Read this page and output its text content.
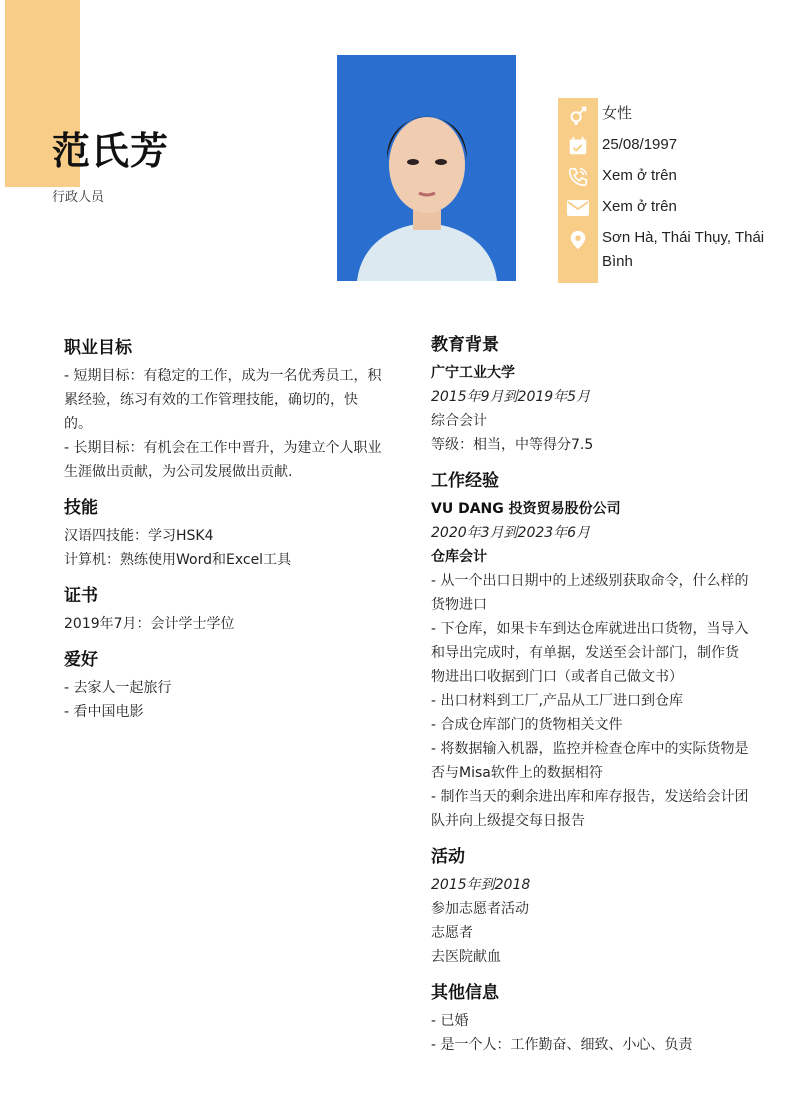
范氏芳
行政人员
女性
25/08/1997
Xem ở trên
Xem ở trên
Sơn Hà, Thái Thụy, Thái Bình
职业目标
- 短期目标：有稳定的工作，成为一名优秀员工，积累经验，练习有效的工作管理技能，确切的，快的。
- 长期目标：有机会在工作中晋升，为建立个人职业生涯做出贡献，为公司发展做出贡献.
技能
汉语四技能：学习HSK4
计算机：熟练使用Word和Excel工具
证书
2019年7月：会计学士学位
爱好
- 去家人一起旅行
- 看中国电影
教育背景
广宁工业大学
2015年9月到2019年5月
综合会计
等级：相当，中等得分7.5
工作经验
VU DANG 投资贸易股份公司
2020年3月到2023年6月
仓库会计
- 从一个出口日期中的上述级别获取命令，什么样的货物进口
- 下仓库，如果卡车到达仓库就进出口货物，当导入和导出完成时，有单据，发送至会计部门，制作货物进出口收据到门口（或者自己做文书）
- 出口材料到工厂,产品从工厂进口到仓库
- 合成仓库部门的货物相关文件
- 将数据输入机器，监控并检查仓库中的实际货物是否与Misa软件上的数据相符
- 制作当天的剩余进出库和库存报告，发送给会计团队并向上级提交每日报告
活动
2015年到2018
参加志愿者活动
志愿者
去医院献血
其他信息
- 已婚
- 是一个人：工作勤奋、细致、小心、负责
